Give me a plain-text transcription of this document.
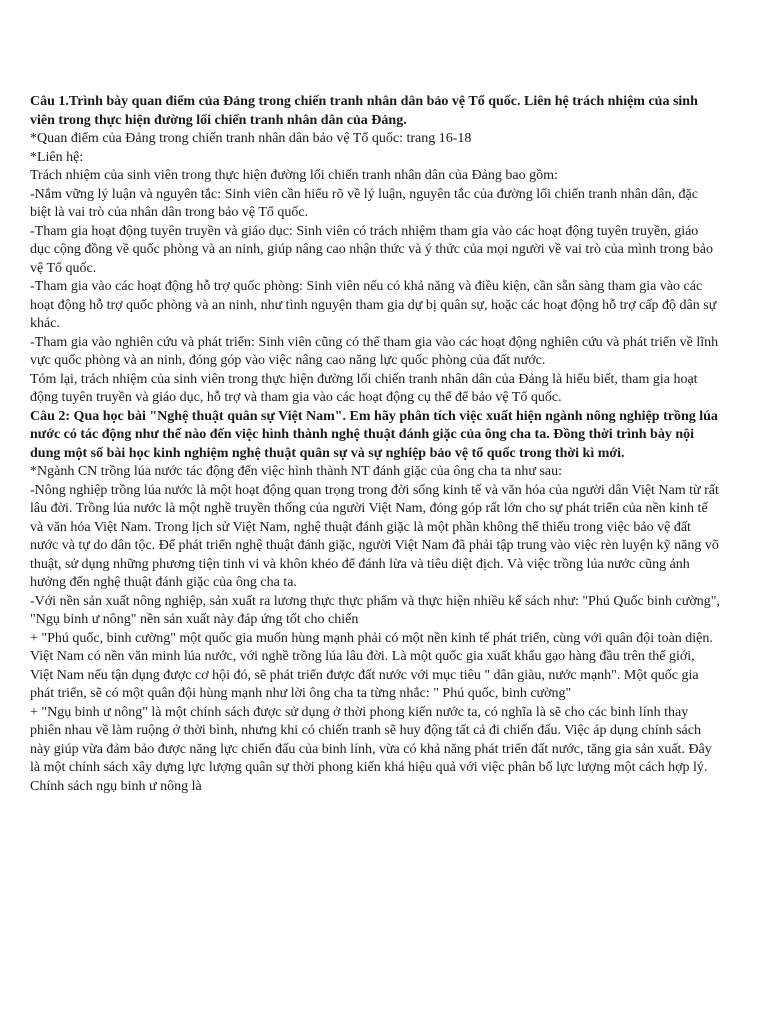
Câu 1.Trình bày quan điểm của Đảng trong chiến tranh nhân dân bảo vệ Tổ quốc. Liên hệ trách nhiệm của sinh viên trong thực hiện đường lối chiến tranh nhân dân của Đảng.

*Quan điểm của Đảng trong chiến tranh nhân dân bảo vệ Tổ quốc: trang 16-18

*Liên hệ:

Trách nhiệm của sinh viên trong thực hiện đường lối chiến tranh nhân dân của Đảng bao gồm:

-Nắm vững lý luận và nguyên tắc: Sinh viên cần hiểu rõ về lý luận, nguyên tắc của đường lối chiến tranh nhân dân, đặc biệt là vai trò của nhân dân trong bảo vệ Tổ quốc.

-Tham gia hoạt động tuyên truyền và giáo dục: Sinh viên có trách nhiệm tham gia vào các hoạt động tuyên truyền, giáo dục cộng đồng về quốc phòng và an ninh, giúp nâng cao nhận thức và ý thức của mọi người về vai trò của mình trong bảo vệ Tổ quốc.

-Tham gia vào các hoạt động hỗ trợ quốc phòng: Sinh viên nếu có khả năng và điều kiện, cần sẵn sàng tham gia vào các hoạt động hỗ trợ quốc phòng và an ninh, như tình nguyện tham gia dự bị quân sự, hoặc các hoạt động hỗ trợ cấp độ dân sự khác.

-Tham gia vào nghiên cứu và phát triển: Sinh viên cũng có thể tham gia vào các hoạt động nghiên cứu và phát triển về lĩnh vực quốc phòng và an ninh, đóng góp vào việc nâng cao năng lực quốc phòng của đất nước.

Tóm lại, trách nhiệm của sinh viên trong thực hiện đường lối chiến tranh nhân dân của Đảng là hiểu biết, tham gia hoạt động tuyên truyền và giáo dục, hỗ trợ và tham gia vào các hoạt động cụ thể để bảo vệ Tổ quốc.

Câu 2: Qua học bài "Nghệ thuật quân sự Việt Nam". Em hãy phân tích việc xuất hiện ngành nông nghiệp trồng lúa nước có tác động như thế nào đến việc hình thành nghệ thuật đánh giặc của ông cha ta. Đồng thời trình bày nội dung một số bài học kinh nghiệm nghệ thuật quân sự và sự nghiệp bảo vệ tổ quốc trong thời kì mới.

*Ngành CN trồng lúa nước tác động đến việc hình thành NT đánh giặc của ông cha ta như sau:

-Nông nghiệp trồng lúa nước là một hoạt động quan trọng trong đời sống kinh tế và văn hóa của người dân Việt Nam từ rất lâu đời. Trồng lúa nước là một nghề truyền thống của người Việt Nam, đóng góp rất lớn cho sự phát triển của nền kinh tế và văn hóa Việt Nam. Trong lịch sử Việt Nam, nghệ thuật đánh giặc là một phần không thể thiếu trong việc bảo vệ đất nước và tự do dân tộc. Để phát triển nghệ thuật đánh giặc, người Việt Nam đã phải tập trung vào việc rèn luyện kỹ năng võ thuật, sử dụng những phương tiện tinh vi và khôn khéo để đánh lừa và tiêu diệt địch. Và việc trồng lúa nước cũng ảnh hưởng đến nghệ thuật đánh giặc của ông cha ta.

-Với nền sản xuất nông nghiệp, sản xuất ra lương thực thực phẩm và thực hiện nhiều kế sách như: "Phú Quốc binh cường", "Ngụ binh ư nông" nền sản xuất này đáp ứng tốt cho chiến

+ "Phú quốc, binh cường" một quốc gia muốn hùng mạnh phải có một nền kinh tế phát triển, cùng với quân đội toàn diện. Việt Nam có nền văn minh lúa nước, với nghề trồng lúa lâu đời. Là một quốc gia xuất khẩu gạo hàng đầu trên thế giới, Việt Nam nếu tận dụng được cơ hội đó, sẽ phát triển được đất nước với mục tiêu " dân giàu, nước mạnh". Một quốc gia phát triển, sẽ có một quân đội hùng mạnh như lời ông cha ta từng nhắc: " Phú quốc, binh cường"

+ "Ngụ binh ư nông" là một chính sách được sử dụng ở thời phong kiến nước ta, có nghĩa là sẽ cho các binh lính thay phiên nhau về làm ruộng ở thời bình, nhưng khi có chiến tranh sẽ huy động tất cả đi chiến đấu. Việc áp dụng chính sách này giúp vừa đảm bảo được năng lực chiến đấu của binh lính, vừa có khả năng phát triển đất nước, tăng gia sản xuất. Đây là một chính sách xây dựng lực lượng quân sự thời phong kiến khá hiệu quả với việc phân bố lực lượng một cách hợp lý. Chính sách ngụ binh ư nông là
